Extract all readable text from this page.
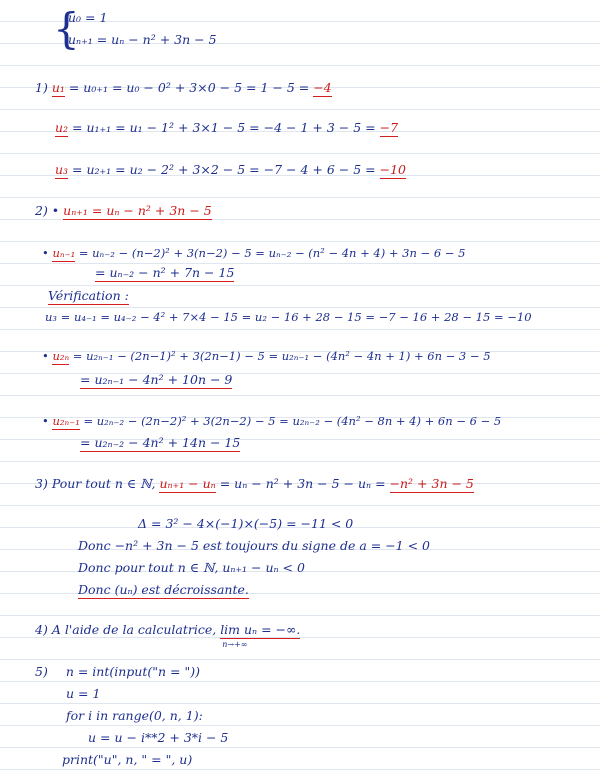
{
u₀ = 1
uₙ₊₁ = uₙ − n² + 3n − 5
1) u₁ = u₀₊₁ = u₀ − 0² + 3×0 − 5 = 1 − 5 = −4
u₂ = u₁₊₁ = u₁ − 1² + 3×1 − 5 = −4 − 1 + 3 − 5 = −7
u₃ = u₂₊₁ = u₂ − 2² + 3×2 − 5 = −7 − 4 + 6 − 5 = −10
2) • uₙ₊₁ = uₙ − n² + 3n − 5
• uₙ₋₁ = uₙ₋₂ − (n−2)² + 3(n−2) − 5 = uₙ₋₂ − (n² − 4n + 4) + 3n − 6 − 5
= uₙ₋₂ − n² + 7n − 15
Vérification :
u₃ = u₄₋₁ = u₄₋₂ − 4² + 7×4 − 15 = u₂ − 16 + 28 − 15 = −7 − 16 + 28 − 15 = −10
• u₂ₙ = u₂ₙ₋₁ − (2n−1)² + 3(2n−1) − 5 = u₂ₙ₋₁ − (4n² − 4n + 1) + 6n − 3 − 5
= u₂ₙ₋₁ − 4n² + 10n − 9
• u₂ₙ₋₁ = u₂ₙ₋₂ − (2n−2)² + 3(2n−2) − 5 = u₂ₙ₋₂ − (4n² − 8n + 4) + 6n − 6 − 5
= u₂ₙ₋₂ − 4n² + 14n − 15
3) Pour tout n ∈ ℕ, uₙ₊₁ − uₙ = uₙ − n² + 3n − 5 − uₙ = −n² + 3n − 5
Δ = 3² − 4×(−1)×(−5) = −11 < 0
Donc −n² + 3n − 5 est toujours du signe de a = −1 < 0
Donc pour tout n ∈ ℕ, uₙ₊₁ − uₙ < 0
Donc (uₙ) est décroissante.
4) A l'aide de la calculatrice, lim uₙ = −∞.
n→+∞
5) n = int(input("n = "))
u = 1
for i in range(0, n, 1):
u = u − i**2 + 3*i − 5
print("u", n, " = ", u)
